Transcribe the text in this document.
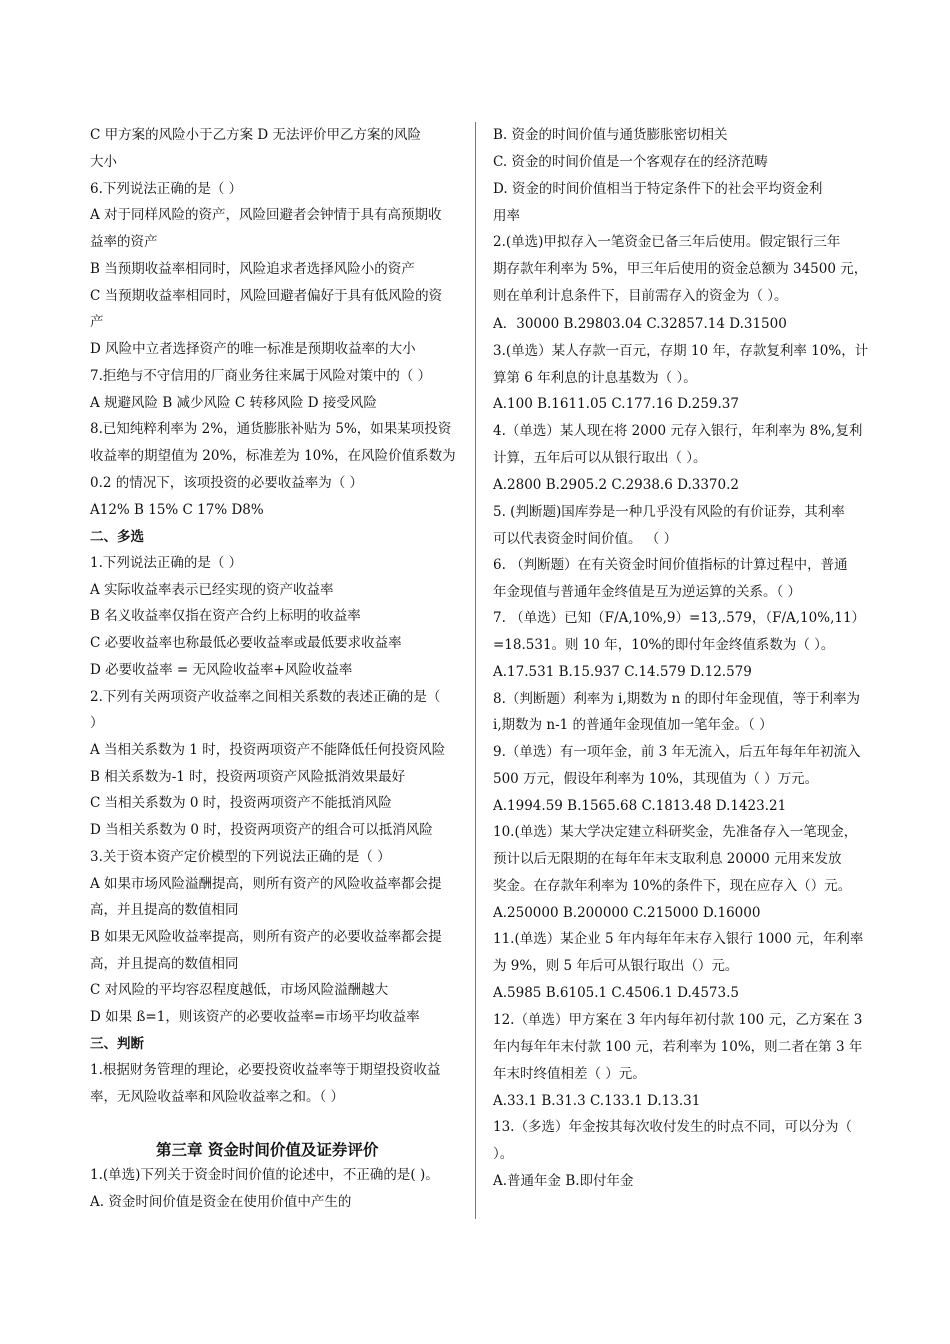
C 甲方案的风险小于乙方案 D 无法评价甲乙方案的风险
大小
6.下列说法正确的是（ ）
A 对于同样风险的资产，风险回避者会钟情于具有高预期收
益率的资产
B 当预期收益率相同时，风险追求者选择风险小的资产
C 当预期收益率相同时，风险回避者偏好于具有低风险的资
产
D 风险中立者选择资产的唯一标准是预期收益率的大小
7.拒绝与不守信用的厂商业务往来属于风险对策中的（ ）
A 规避风险 B 减少风险 C 转移风险 D 接受风险
8.已知纯粹利率为 2%，通货膨胀补贴为 5%，如果某项投资
收益率的期望值为 20%，标准差为 10%，在风险价值系数为
0.2 的情况下，该项投资的必要收益率为（ ）
A12% B 15% C 17% D8%
二、多选
1.下列说法正确的是（ ）
A 实际收益率表示已经实现的资产收益率
B 名义收益率仅指在资产合约上标明的收益率
C 必要收益率也称最低必要收益率或最低要求收益率
D 必要收益率 = 无风险收益率+风险收益率
2.下列有关两项资产收益率之间相关系数的表述正确的是（
）
A 当相关系数为 1 时，投资两项资产不能降低任何投资风险
B 相关系数为-1 时，投资两项资产风险抵消效果最好
C 当相关系数为 0 时，投资两项资产不能抵消风险
D 当相关系数为 0 时，投资两项资产的组合可以抵消风险
3.关于资本资产定价模型的下列说法正确的是（ ）
A 如果市场风险溢酬提高，则所有资产的风险收益率都会提
高，并且提高的数值相同
B 如果无风险收益率提高，则所有资产的必要收益率都会提
高，并且提高的数值相同
C 对风险的平均容忍程度越低，市场风险溢酬越大
D 如果 ß=1，则该资产的必要收益率=市场平均收益率
三、判断
1.根据财务管理的理论，必要投资收益率等于期望投资收益
率，无风险收益率和风险收益率之和。（ ）
第三章 资金时间价值及证券评价
1.(单选)下列关于资金时间价值的论述中，不正确的是( )。
A. 资金时间价值是资金在使用价值中产生的
B. 资金的时间价值与通货膨胀密切相关
C. 资金的时间价值是一个客观存在的经济范畴
D. 资金的时间价值相当于特定条件下的社会平均资金利
用率
2.(单选)甲拟存入一笔资金已备三年后使用。假定银行三年
期存款年利率为 5%，甲三年后使用的资金总额为 34500 元，
则在单利计息条件下，目前需存入的资金为（ ）。
A．30000 B.29803.04 C.32857.14 D.31500
3.(单选）某人存款一百元，存期 10 年，存款复利率 10%，计
算第 6 年利息的计息基数为（ ）。
A.100 B.1611.05 C.177.16 D.259.37
4.（单选）某人现在将 2000 元存入银行，年利率为 8%,复利
计算，五年后可以从银行取出（ ）。
A.2800 B.2905.2 C.2938.6 D.3370.2
5. (判断题)国库券是一种几乎没有风险的有价证券，其利率
可以代表资金时间价值。 （ ）
6. （判断题）在有关资金时间价值指标的计算过程中，普通
年金现值与普通年金终值是互为逆运算的关系。（ ）
7. （单选）已知（F/A,10%,9）=13,.579，（F/A,10%,11）
=18.531。则 10 年，10%的即付年金终值系数为（ ）。
A.17.531 B.15.937 C.14.579 D.12.579
8.（判断题）利率为 i,期数为 n 的即付年金现值，等于利率为
i,期数为 n-1 的普通年金现值加一笔年金。（ ）
9.（单选）有一项年金，前 3 年无流入，后五年每年年初流入
500 万元，假设年利率为 10%，其现值为（ ）万元。
A.1994.59 B.1565.68 C.1813.48 D.1423.21
10.(单选）某大学决定建立科研奖金，先准备存入一笔现金，
预计以后无限期的在每年年末支取利息 20000 元用来发放
奖金。在存款年利率为 10%的条件下，现在应存入（）元。
A.250000 B.200000 C.215000 D.16000
11.(单选）某企业 5 年内每年年末存入银行 1000 元，年利率
为 9%，则 5 年后可从银行取出（）元。
A.5985 B.6105.1 C.4506.1 D.4573.5
12.（单选）甲方案在 3 年内每年初付款 100 元，乙方案在 3
年内每年年末付款 100 元，若利率为 10%，则二者在第 3 年
年末时终值相差（ ）元。
A.33.1 B.31.3 C.133.1 D.13.31
13.（多选）年金按其每次收付发生的时点不同，可以分为（
）。
A.普通年金 B.即付年金
